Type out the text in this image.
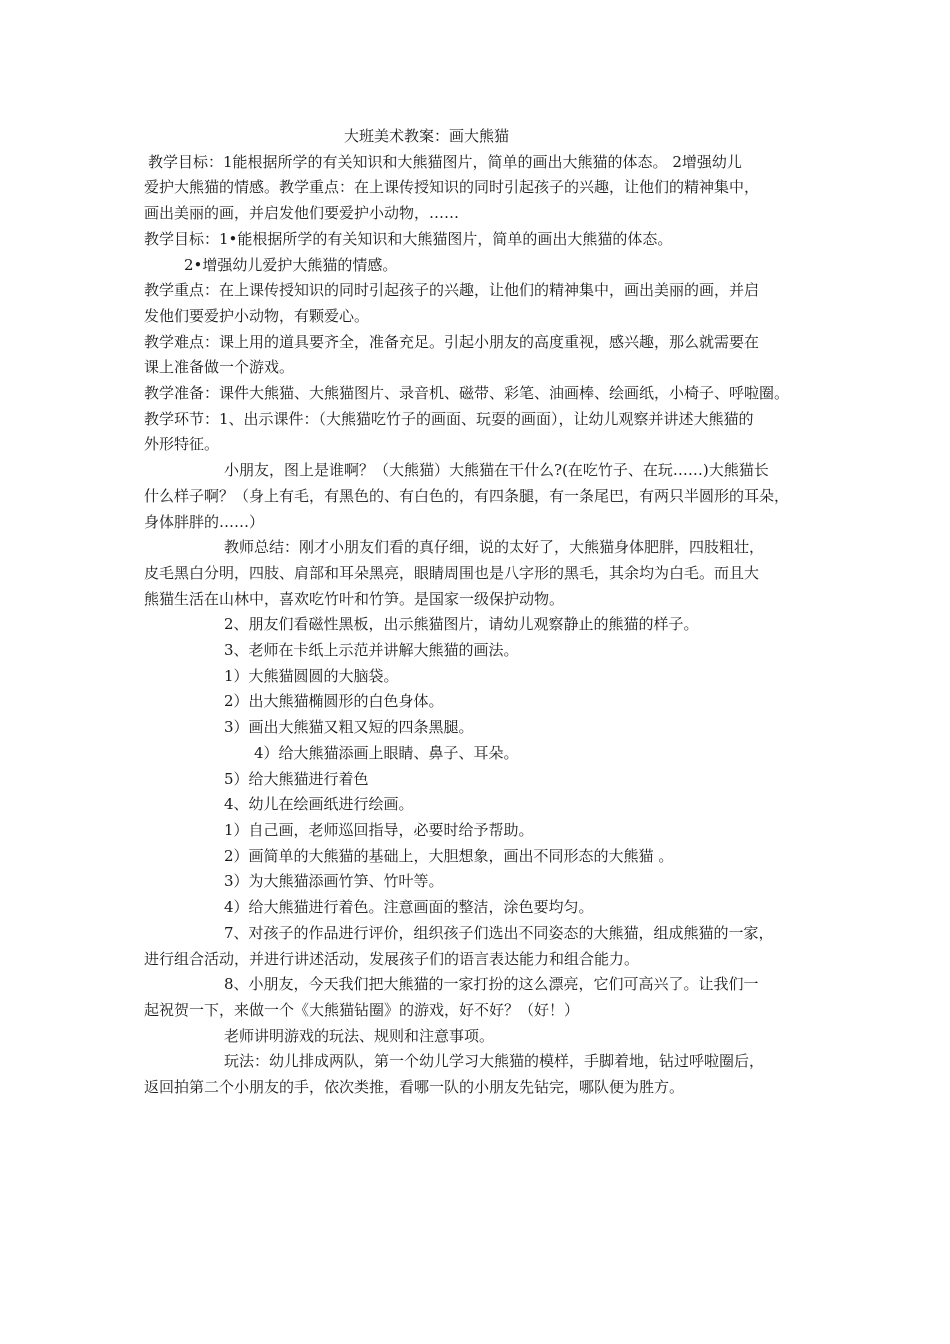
大班美术教案：画大熊猫

教学目标：1能根据所学的有关知识和大熊猫图片，简单的画出大熊猫的体态。 2增强幼儿

爱护大熊猫的情感。教学重点：在上课传授知识的同时引起孩子的兴趣，让他们的精神集中，

画出美丽的画，并启发他们要爱护小动物，……

教学目标：1•能根据所学的有关知识和大熊猫图片，简单的画出大熊猫的体态。

2•增强幼儿爱护大熊猫的情感。

教学重点：在上课传授知识的同时引起孩子的兴趣，让他们的精神集中，画出美丽的画，并启

发他们要爱护小动物，有颗爱心。

教学难点：课上用的道具要齐全，准备充足。引起小朋友的高度重视，感兴趣，那么就需要在

课上准备做一个游戏。

教学准备：课件大熊猫、大熊猫图片、录音机、磁带、彩笔、油画棒、绘画纸，小椅子、呼啦圈。

教学环节：1、出示课件：（大熊猫吃竹子的画面、玩耍的画面），让幼儿观察并讲述大熊猫的

外形特征。

小朋友，图上是谁啊？（大熊猫）大熊猫在干什么?(在吃竹子、在玩……)大熊猫长

什么样子啊？（身上有毛，有黑色的、有白色的，有四条腿，有一条尾巴，有两只半圆形的耳朵，

身体胖胖的……）

教师总结：刚才小朋友们看的真仔细，说的太好了，大熊猫身体肥胖，四肢粗壮，

皮毛黑白分明，四肢、肩部和耳朵黑亮，眼睛周围也是八字形的黑毛，其余均为白毛。而且大

熊猫生活在山林中，喜欢吃竹叶和竹笋。是国家一级保护动物。

2、朋友们看磁性黑板，出示熊猫图片，请幼儿观察静止的熊猫的样子。

3、老师在卡纸上示范并讲解大熊猫的画法。

1）大熊猫圆圆的大脑袋。

2）出大熊猫椭圆形的白色身体。

3）画出大熊猫又粗又短的四条黑腿。

4）给大熊猫添画上眼睛、鼻子、耳朵。

5）给大熊猫进行着色

4、幼儿在绘画纸进行绘画。

1）自己画，老师巡回指导，必要时给予帮助。

2）画简单的大熊猫的基础上，大胆想象，画出不同形态的大熊猫 。

3）为大熊猫添画竹笋、竹叶等。

4）给大熊猫进行着色。注意画面的整洁，涂色要均匀。

7、对孩子的作品进行评价，组织孩子们选出不同姿态的大熊猫，组成熊猫的一家，

进行组合活动，并进行讲述活动，发展孩子们的语言表达能力和组合能力。

8、小朋友，今天我们把大熊猫的一家打扮的这么漂亮，它们可高兴了。让我们一

起祝贺一下，来做一个《大熊猫钻圈》的游戏，好不好？（好！）

老师讲明游戏的玩法、规则和注意事项。

玩法：幼儿排成两队，第一个幼儿学习大熊猫的模样，手脚着地，钻过呼啦圈后，

返回拍第二个小朋友的手，依次类推，看哪一队的小朋友先钻完，哪队便为胜方。
